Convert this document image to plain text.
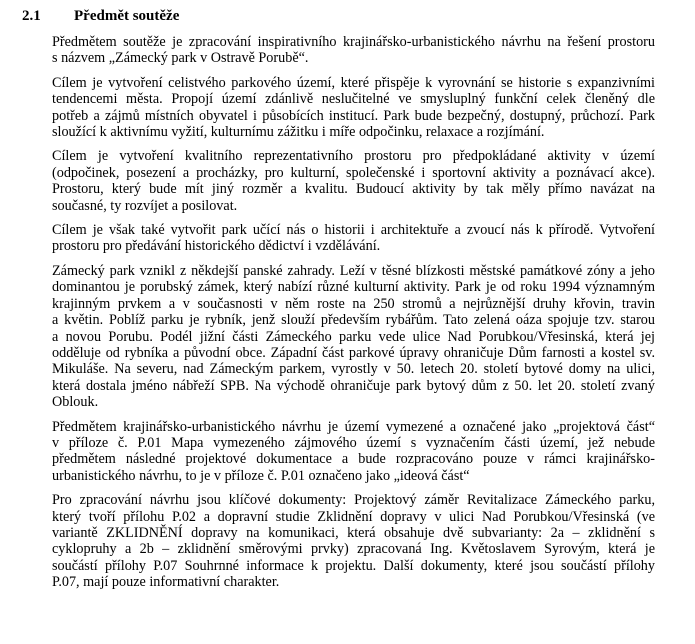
2.1 Předmět soutěže

Předmětem soutěže je zpracování inspirativního krajinářsko-urbanistického návrhu na řešení prostoru
s názvem „Zámecký park v Ostravě Porubě“.

Cílem je vytvoření celistvého parkového území, které přispěje k vyrovnání se historie s expanzivními
tendencemi města. Propojí území zdánlivě neslučitelné ve smysluplný funkční celek členěný dle
potřeb a zájmů místních obyvatel i působících institucí. Park bude bezpečný, dostupný, průchozí. Park
sloužící k aktivnímu vyžití, kulturnímu zážitku i míře odpočinku, relaxace a rozjímání.

Cílem je vytvoření kvalitního reprezentativního prostoru pro předpokládané aktivity v území
(odpočinek, posezení a procházky, pro kulturní, společenské i sportovní aktivity a poznávací akce).
Prostoru, který bude mít jiný rozměr a kvalitu. Budoucí aktivity by tak měly přímo navázat na
současné, ty rozvíjet a posilovat.

Cílem je však také vytvořit park učící nás o historii i architektuře a zvoucí nás k přírodě. Vytvoření
prostoru pro předávání historického dědictví i vzdělávání.

Zámecký park vznikl z někdejší panské zahrady. Leží v těsné blízkosti městské památkové zóny a jeho
dominantou je porubský zámek, který nabízí různé kulturní aktivity. Park je od roku 1994 významným
krajinným prvkem a v současnosti v něm roste na 250 stromů a nejrůznější druhy křovin, travin
a květin. Poblíž parku je rybník, jenž slouží především rybářům. Tato zelená oáza spojuje tzv. starou
a novou Porubu. Podél jižní části Zámeckého parku vede ulice Nad Porubkou/Vřesinská, která jej
odděluje od rybníka a původní obce. Západní část parkové úpravy ohraničuje Dům farnosti a kostel sv.
Mikuláše. Na severu, nad Zámeckým parkem, vyrostly v 50. letech 20. století bytové domy na ulici,
která dostala jméno nábřeží SPB. Na východě ohraničuje park bytový dům z 50. let 20. století zvaný
Oblouk.

Předmětem krajinářsko-urbanistického návrhu je území vymezené a označené jako „projektová část“
v příloze č. P.01 Mapa vymezeného zájmového území s vyznačením části území, jež nebude
předmětem následné projektové dokumentace a bude rozpracováno pouze v rámci krajinářsko-
urbanistického návrhu, to je v příloze č. P.01 označeno jako „ideová část“

Pro zpracování návrhu jsou klíčové dokumenty: Projektový záměr Revitalizace Zámeckého parku,
který tvoří přílohu P.02 a dopravní studie Zklidnění dopravy v ulici Nad Porubkou/Vřesinská (ve
variantě ZKLIDNĚNÍ dopravy na komunikaci, která obsahuje dvě subvarianty: 2a – zklidnění s
cyklopruhy a 2b – zklidnění směrovými prvky) zpracovaná Ing. Květoslavem Syrovým, která je
součástí přílohy P.07 Souhrnné informace k projektu. Další dokumenty, které jsou součástí přílohy
P.07, mají pouze informativní charakter.
